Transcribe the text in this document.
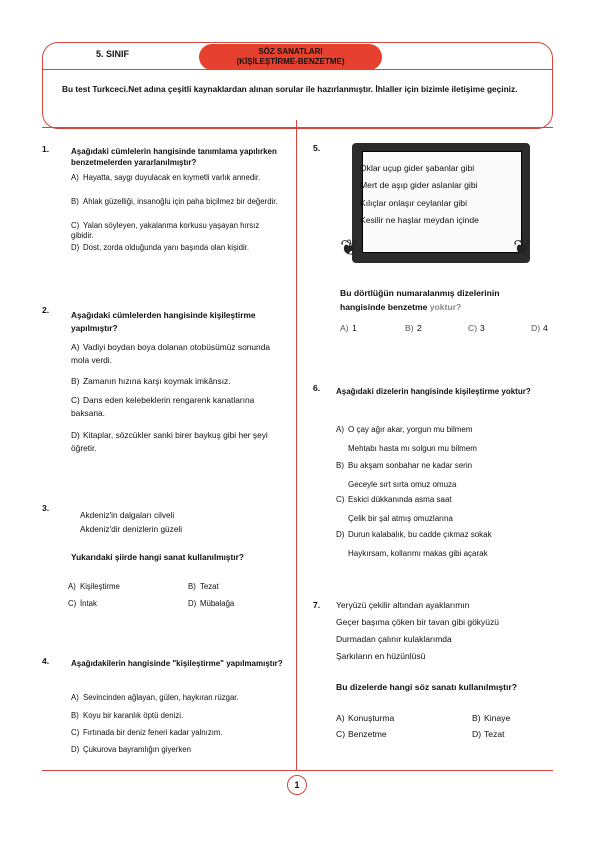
5. SINIF	SÖZ SANATLARI
(KİŞİLEŞTİRME-BENZETME)
Bu test Turkceci.Net adına çeşitli kaynaklardan alınan sorular ile hazırlanmıştır. İhlaller için bizimle iletişime geçiniz.
1
1.	Aşağıdaki cümlelerin hangisinde tanımlama yapılırken benzetmelerden yararlanılmıştır?
A) Hayatta, saygı duyulacak en kıymetli varlık annedir.
B) Ahlak güzelliği, insanoğlu için paha biçilmez bir değerdir.
C) Yalan söyleyen, yakalanma korkusu yaşayan hırsız gibidir.
D) Dost, zorda olduğunda yanı başında olan kişidir.
2.	Aşağıdaki cümlelerden hangisinde kişileştirme yapılmıştır?
A) Vadiyi boydan boya dolanan otobüsümüz sonunda mola verdi.
B) Zamanın hızına karşı koymak imkânsız.
C) Dans eden kelebeklerin rengarenk kanatlarına baksana.
D) Kitaplar, sözcükler sanki birer baykuş gibi her şeyi öğretir.
3.
Akdeniz'in dalgaları cilveli
Akdeniz'dir denizlerin güzeli
Yukarıdaki şiirde hangi sanat kullanılmıştır?
A) Kişileştirme	B) Tezat
C) İntak	D) Mübalağa
4.	Aşağıdakilerin hangisinde "kişileştirme" yapılmamıştır?
A) Sevincinden ağlayan, gülen, haykıran rüzgar.
B) Koyu bir karanlık öptü denizi.
C) Fırtınada bir deniz feneri kadar yalnızım.
D) Çukurova bayramlığın giyerken
5.
❦	❦
Oklar uçup gider şabanlar gibi
Mert de aşıp gider aslanlar gibi
Kılıçlar onlaşır ceylanlar gibi
Kesilir ne haşlar meydan içinde
Bu dörtlüğün numaralanmış dizelerinin
hangisinde benzetme yoktur?
A) 1	B) 2	C) 3	D) 4
6. Aşağıdaki dizelerin hangisinde kişileştirme yoktur?
A) O çay ağır akar, yorgun mu bilmem
Mehtabı hasta mı solgun mu bilmem
B) Bu akşam sonbahar ne kadar serin
Geceyle sırt sırta omuz omuza
C) Eskici dükkanında asma saat
Çelik bir şal atmış omuzlarına
D) Durun kalabalık, bu cadde çıkmaz sokak
Haykırsam, kollarımı makas gibi açarak
7. Yeryüzü çekilir altından ayaklarımın
Geçer başıma çöken bir tavan gibi gökyüzü
Durmadan çalınır kulaklarımda
Şarkıların en hüzünlüsü
Bu dizelerde hangi söz sanatı kullanılmıştır?
A) Konuşturma	B) Kinaye
C) Benzetme	D) Tezat
